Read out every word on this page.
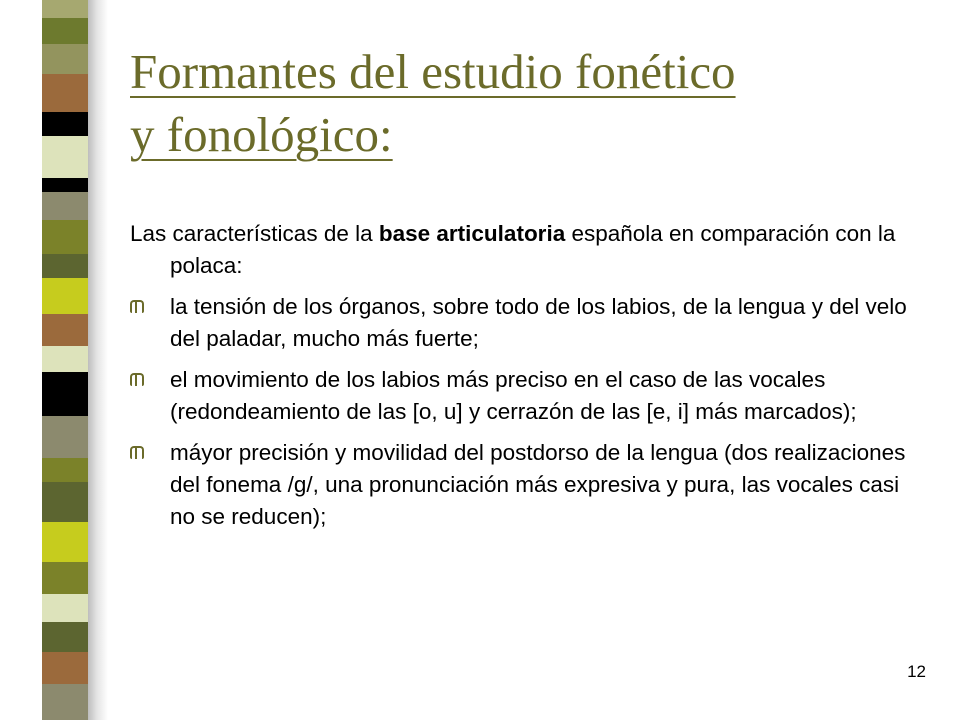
Formantes del estudio fonético
y fonológico:

Las características de la base articulatoria española en comparación con la polaca:

la tensión de los órganos, sobre todo de los labios, de la lengua y del velo del paladar, mucho más fuerte;
el movimiento de los labios más preciso en el caso de las vocales (redondeamiento de las [o, u] y cerrazón de las [e, i] más marcados);
máyor precisión y movilidad del postdorso de la lengua (dos realizaciones del fonema /g/, una pronunciación más expresiva y pura, las vocales casi no se reducen);
12
